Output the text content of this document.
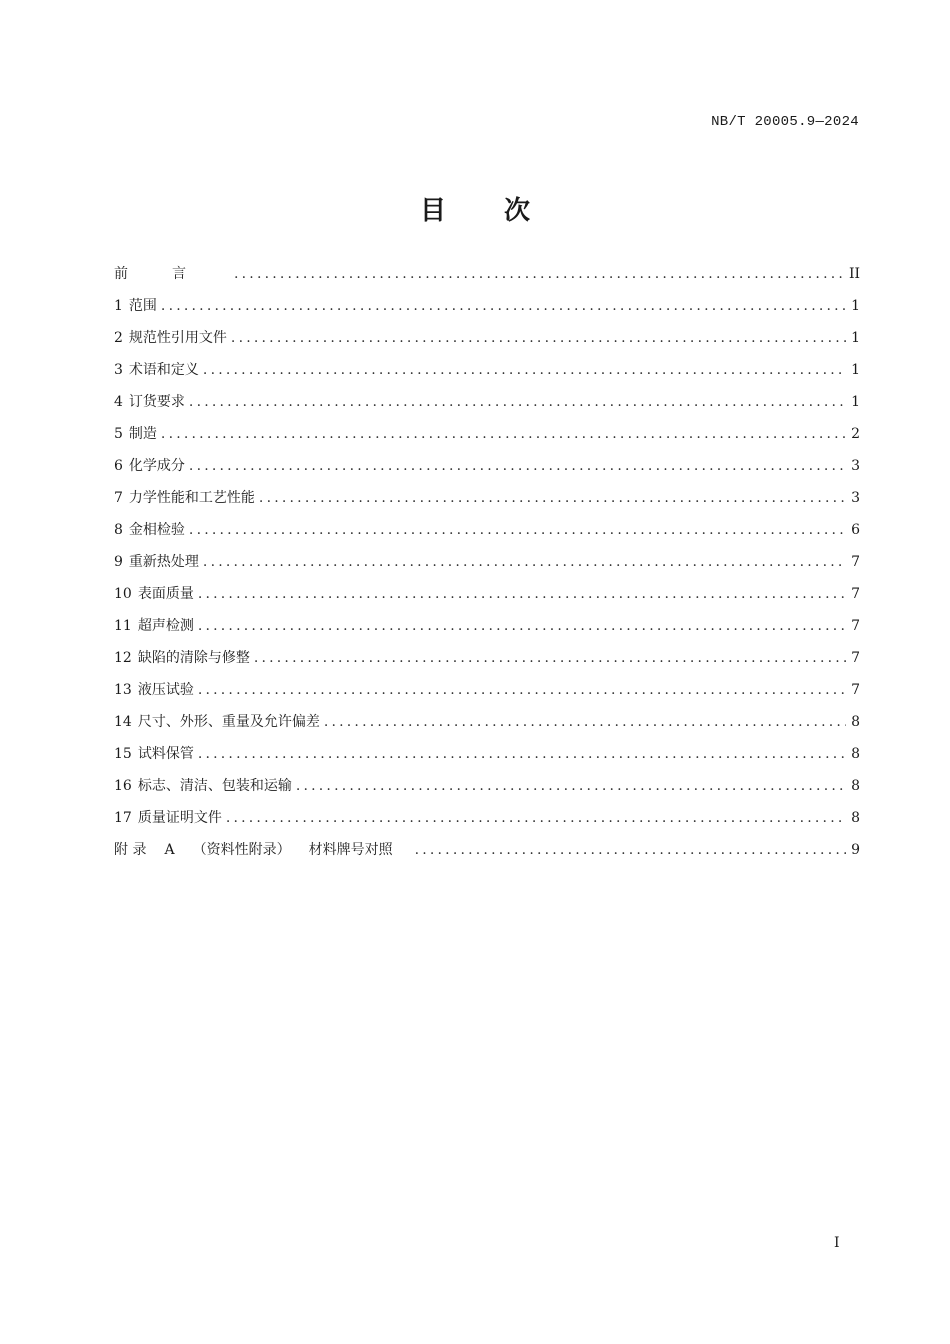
NB/T 20005.9—2024
目次
前言 .....	II
1 范围 .....	1
2 规范性引用文件 .....	1
3 术语和定义 .....	1
4 订货要求 .....	1
5 制造 .....	2
6 化学成分 .....	3
7 力学性能和工艺性能 .....	3
8 金相检验 .....	6
9 重新热处理 .....	7
10 表面质量 .....	7
11 超声检测 .....	7
12 缺陷的清除与修整 .....	7
13 液压试验 .....	7
14 尺寸、外形、重量及允许偏差 .....	8
15 试料保管 .....	8
16 标志、清洁、包装和运输 .....	8
17 质量证明文件 .....	8
附 录 A （资料性附录） 材料牌号对照 .....	9
I
